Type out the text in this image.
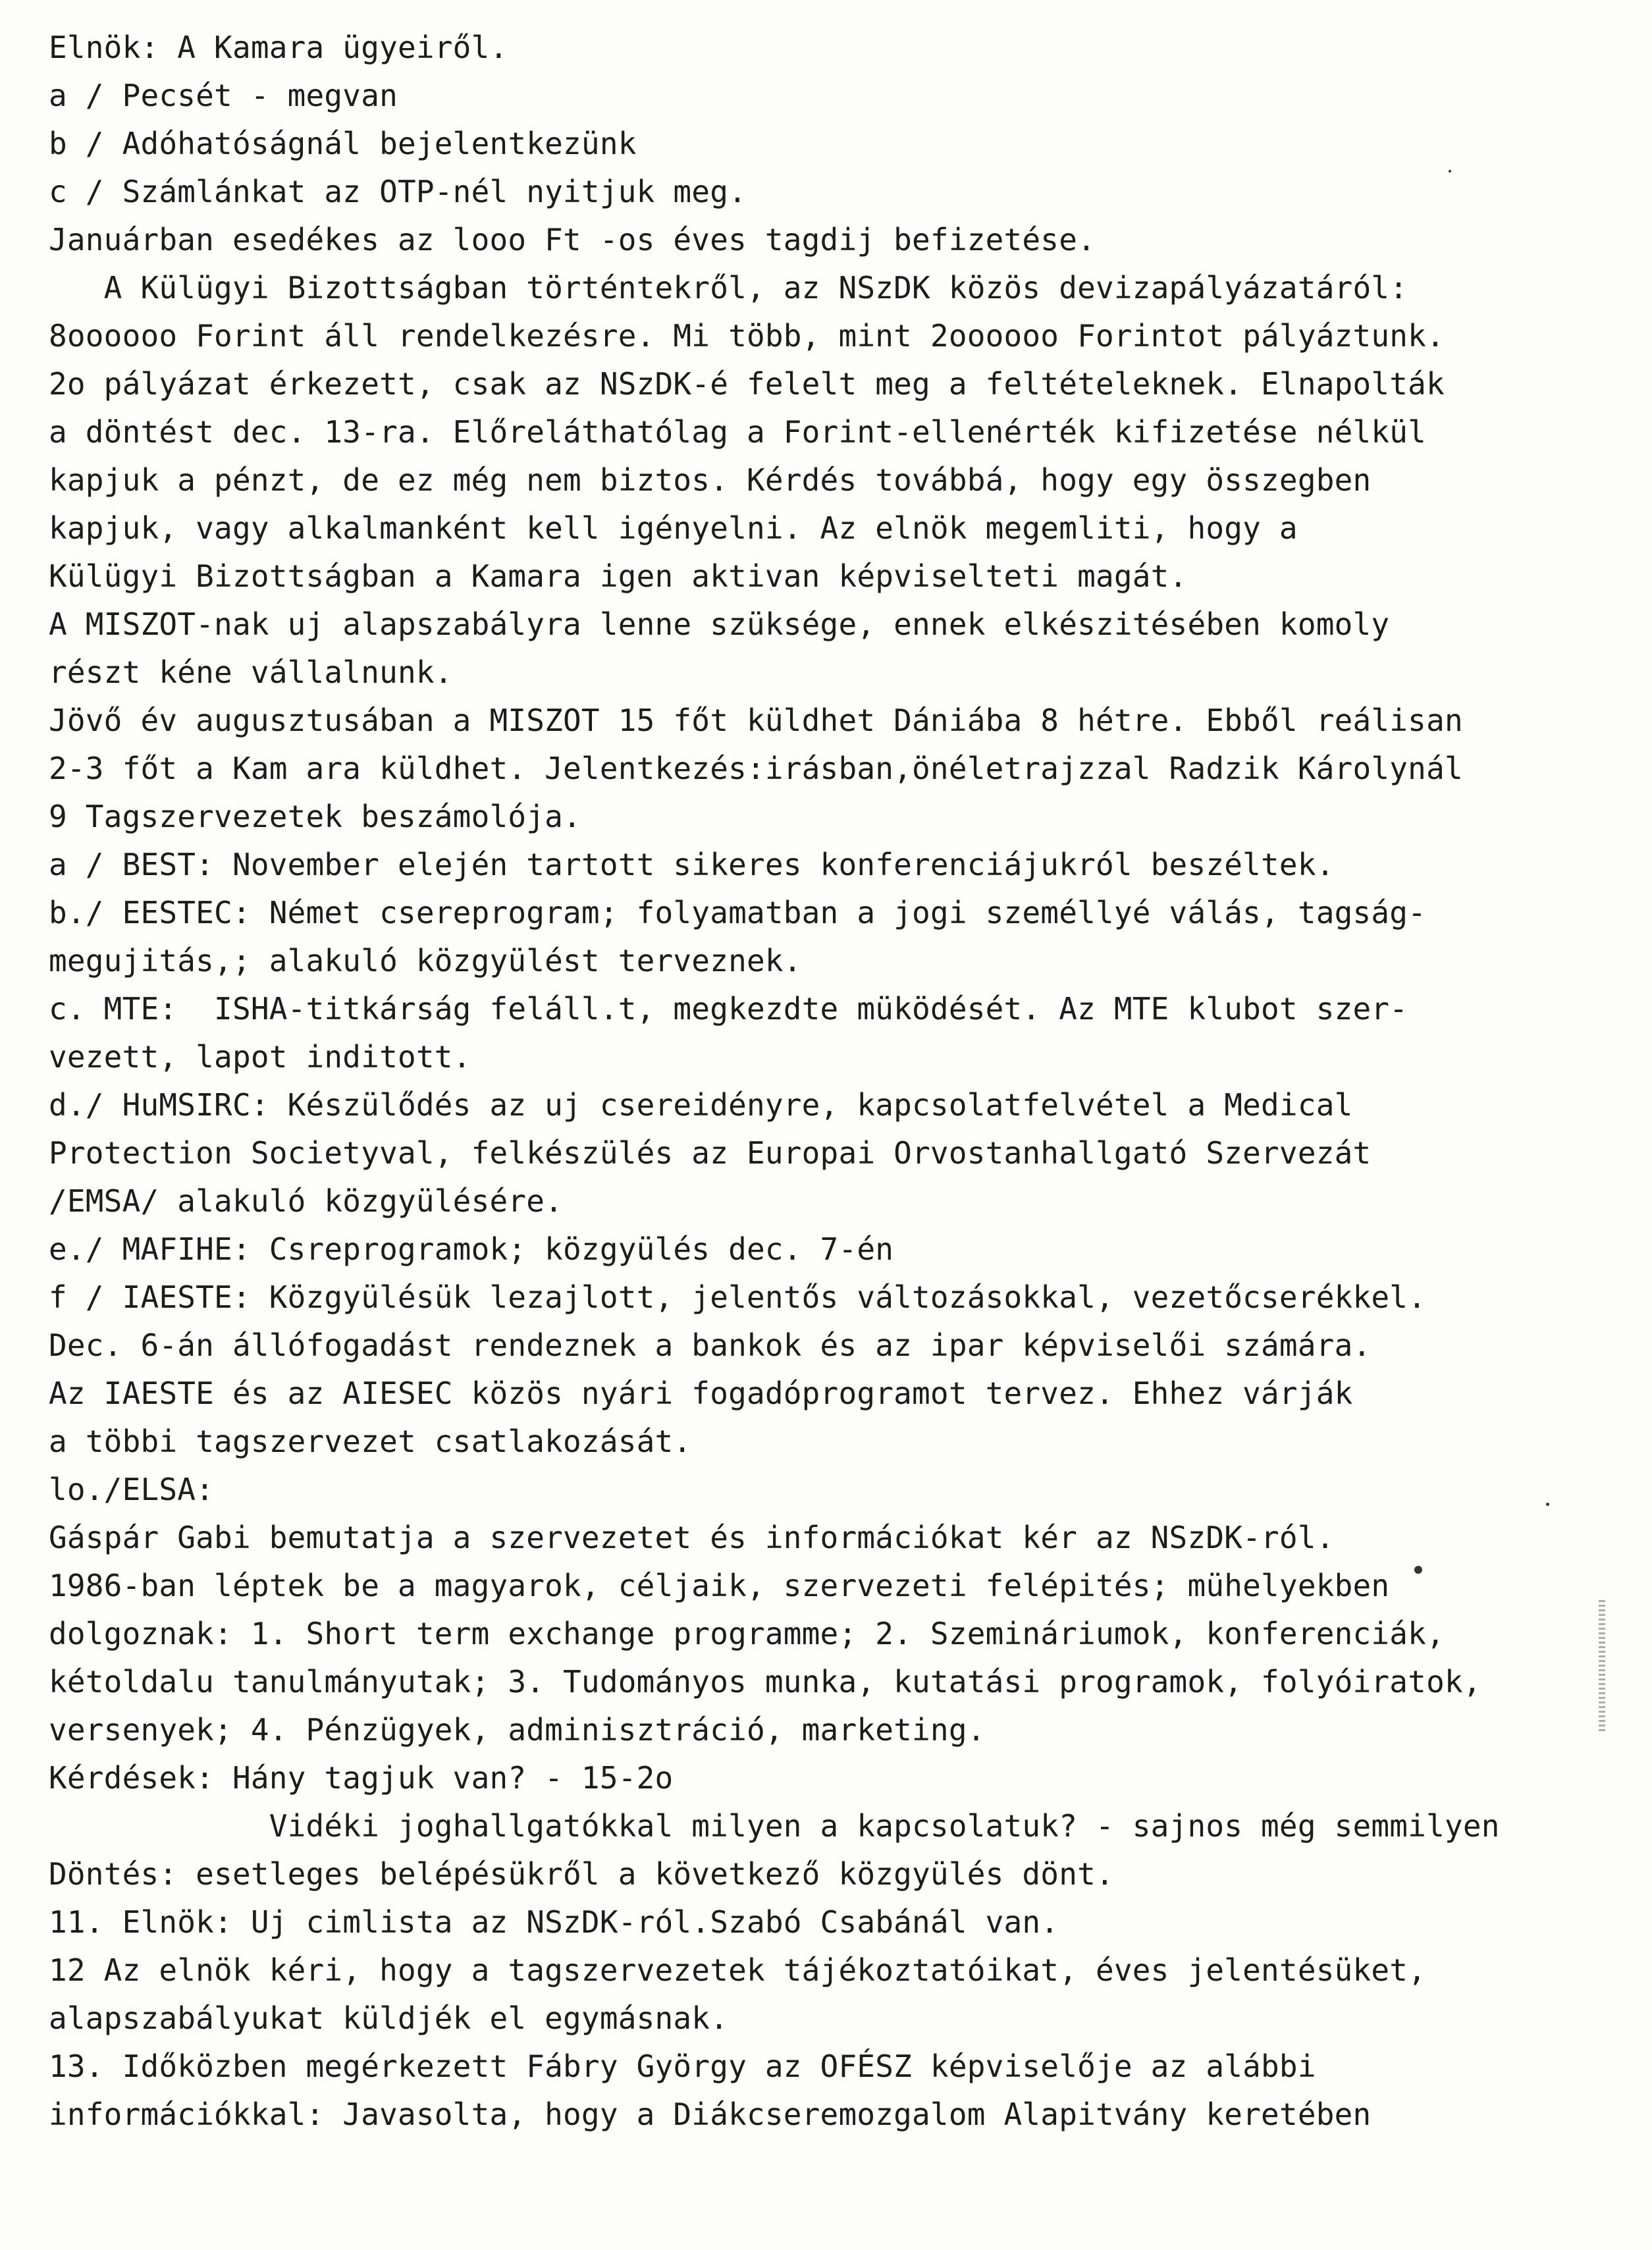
Elnök: A Kamara ügyeiről.
a / Pecsét - megvan
b / Adóhatóságnál bejelentkezünk
c / Számlánkat az OTP-nél nyitjuk meg.
Januárban esedékes az looo Ft -os éves tagdij befizetése.
A Külügyi Bizottságban történtekről, az NSzDK közös devizapályázatáról:
8oooooo Forint áll rendelkezésre. Mi több, mint 2oooooo Forintot pályáztunk.
2o pályázat érkezett, csak az NSzDK-é felelt meg a feltételeknek. Elnapolták
a döntést dec. 13-ra. Előreláthatólag a Forint-ellenérték kifizetése nélkül
kapjuk a pénzt, de ez még nem biztos. Kérdés továbbá, hogy egy összegben
kapjuk, vagy alkalmanként kell igényelni. Az elnök megemliti, hogy a
Külügyi Bizottságban a Kamara igen aktivan képviselteti magát.
A MISZOT-nak uj alapszabályra lenne szüksége, ennek elkészitésében komoly
részt kéne vállalnunk.
Jövő év augusztusában a MISZOT 15 főt küldhet Dániába 8 hétre. Ebből reálisan
2-3 főt a Kam ara küldhet. Jelentkezés:irásban,önéletrajzzal Radzik Károlynál
9 Tagszervezetek beszámolója.
a / BEST: November elején tartott sikeres konferenciájukról beszéltek.
b./ EESTEC: Német csereprogram; folyamatban a jogi személlyé válás, tagság-
megujitás,; alakuló közgyülést terveznek.
c. MTE:  ISHA-titkárság feláll.t, megkezdte müködését. Az MTE klubot szer-
vezett, lapot inditott.
d./ HuMSIRC: Készülődés az uj csereidényre, kapcsolatfelvétel a Medical
Protection Societyval, felkészülés az Europai Orvostanhallgató Szervezát
/EMSA/ alakuló közgyülésére.
e./ MAFIHE: Csreprogramok; közgyülés dec. 7-én
f / IAESTE: Közgyülésük lezajlott, jelentős változásokkal, vezetőcserékkel.
Dec. 6-án állófogadást rendeznek a bankok és az ipar képviselői számára.
Az IAESTE és az AIESEC közös nyári fogadóprogramot tervez. Ehhez várják
a többi tagszervezet csatlakozását.
lo./ELSA:
Gáspár Gabi bemutatja a szervezetet és információkat kér az NSzDK-ról.
1986-ban léptek be a magyarok, céljaik, szervezeti felépités; mühelyekben
dolgoznak: 1. Short term exchange programme; 2. Szemináriumok, konferenciák,
kétoldalu tanulmányutak; 3. Tudományos munka, kutatási programok, folyóiratok,
versenyek; 4. Pénzügyek, adminisztráció, marketing.
Kérdések: Hány tagjuk van? - 15-2o
Vidéki joghallgatókkal milyen a kapcsolatuk? - sajnos még semmilyen
Döntés: esetleges belépésükről a következő közgyülés dönt.
11. Elnök: Uj cimlista az NSzDK-ról.Szabó Csabánál van.
12 Az elnök kéri, hogy a tagszervezetek tájékoztatóikat, éves jelentésüket,
alapszabályukat küldjék el egymásnak.
13. Időközben megérkezett Fábry György az OFÉSZ képviselője az alábbi
információkkal: Javasolta, hogy a Diákcseremozgalom Alapitvány keretében
